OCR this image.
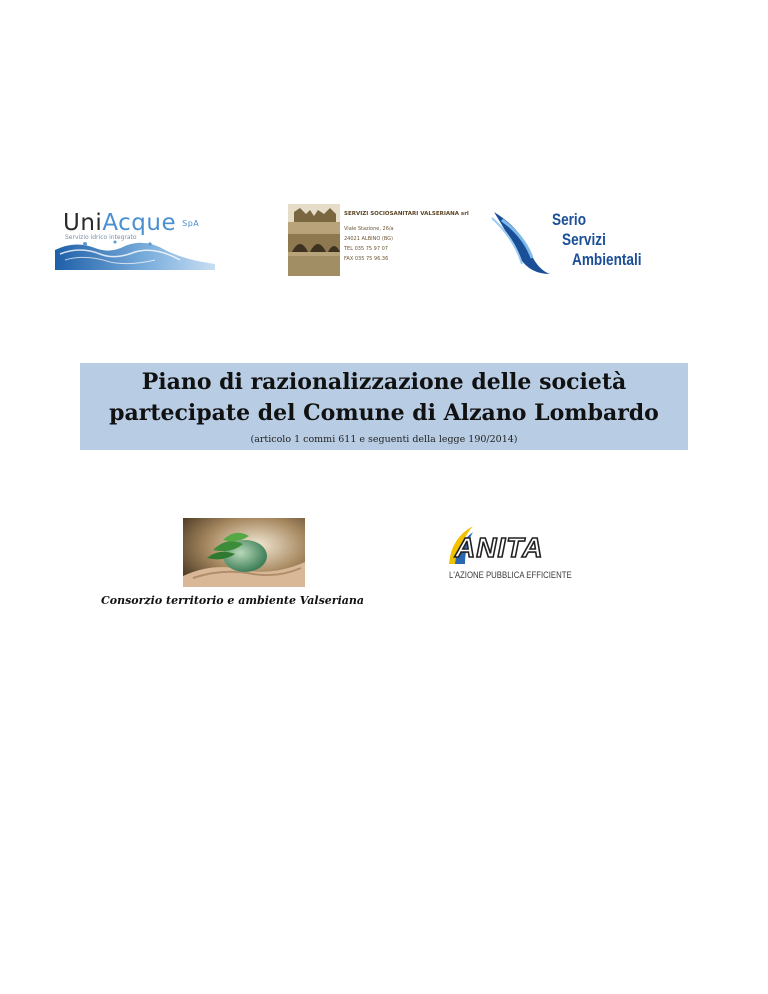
UniAcque SpA
Servizio idrico integrato
SERVIZI SOCIOSANITARI VALSERIANA srl
Viale Stazione, 26/a
24021 ALBINO (BG)
TEL 035 75 97 07
FAX 035 75 96.36
Serio
Servizi
Ambientali
Piano di razionalizzazione delle società
partecipate del Comune di Alzano Lombardo
(articolo 1 commi 611 e seguenti della legge 190/2014)
Consorzio territorio e ambiente Valseriana
ANITA
L'AZIONE PUBBLICA EFFICIENTE
